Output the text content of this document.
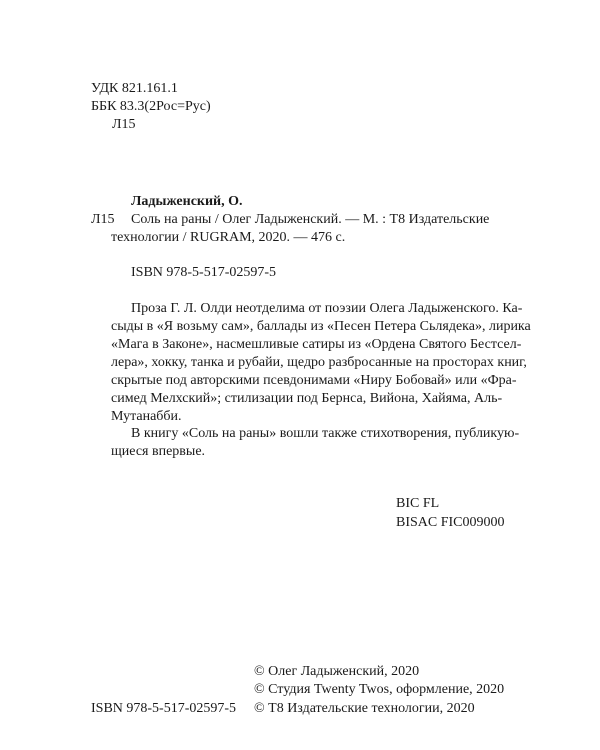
УДК 821.161.1
ББК 83.3(2Рос=Рус)
Л15
Ладыженский, О.
Л15 Соль на раны / Олег Ладыженский. — М. : Т8 Издательские
технологии / RUGRAM, 2020. — 476 с.
ISBN 978-5-517-02597-5
Проза Г. Л. Олди неотделима от поэзии Олега Ладыженского. Ка-
сыды в «Я возьму сам», баллады из «Песен Петера Сьлядека», лирика
«Мага в Законе», насмешливые сатиры из «Ордена Святого Бестсел-
лера», хокку, танка и рубайи, щедро разбросанные на просторах книг,
скрытые под авторскими псевдонимами «Ниру Бобовай» или «Фра-
симед Мелхский»; стилизации под Бернса, Вийона, Хайяма, Аль-
Мутанабби.
В книгу «Соль на раны» вошли также стихотворения, публикую-
щиеся впервые.
BIC FL
BISAC FIC009000
© Олег Ладыженский, 2020
© Студия Twenty Twos, оформление, 2020
ISBN 978-5-517-02597-5 © Т8 Издательские технологии, 2020
